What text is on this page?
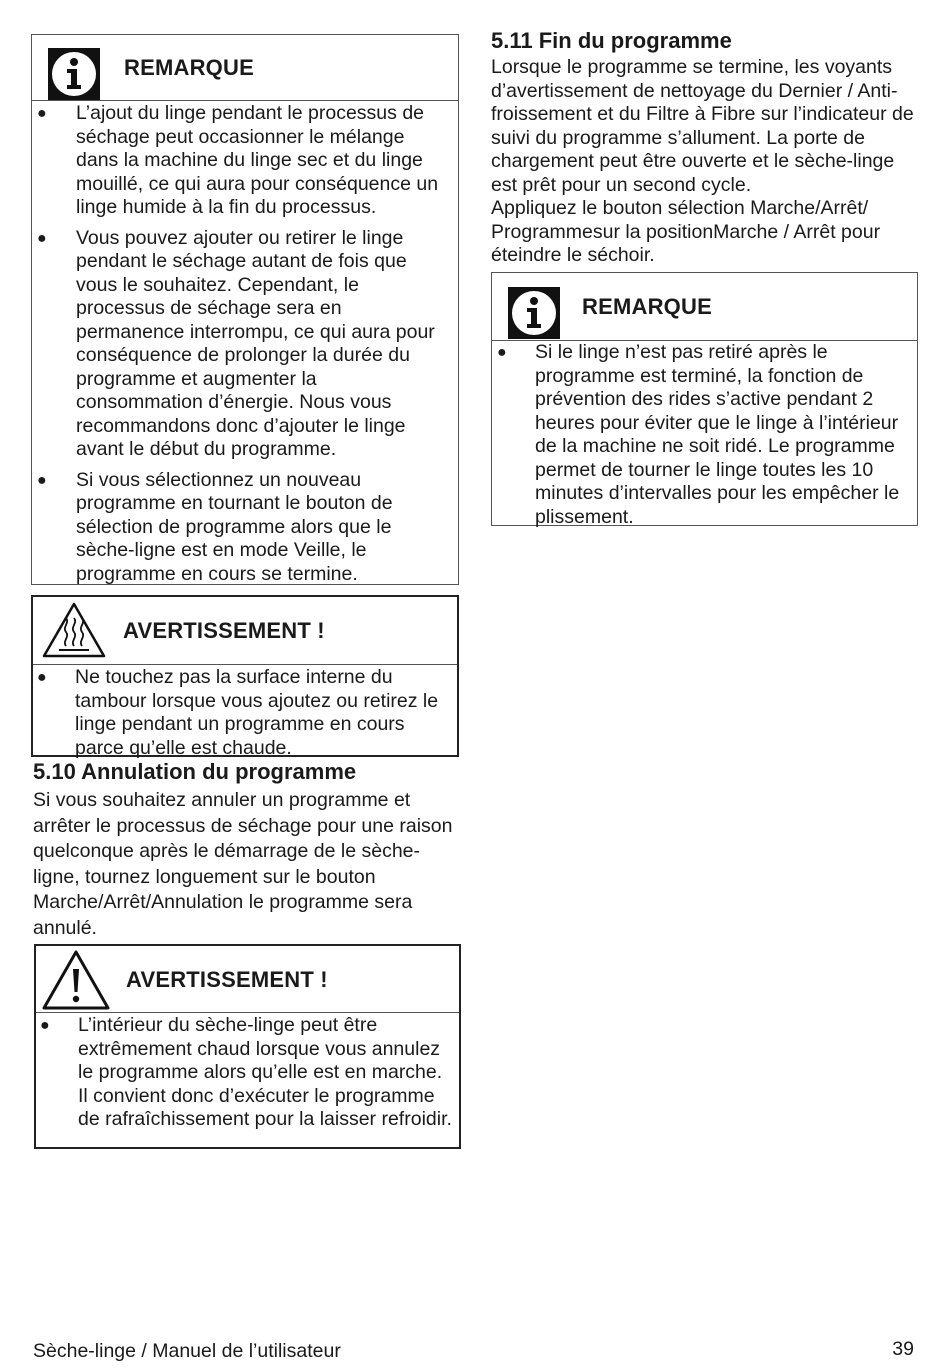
REMARQUE
● L’ajout du linge pendant le processus de séchage peut occasionner le mélange dans la machine du linge sec et du linge mouillé, ce qui aura pour conséquence un linge humide à la fin du processus.
● Vous pouvez ajouter ou retirer le linge pendant le séchage autant de fois que vous le souhaitez. Cependant, le processus de séchage sera en permanence interrompu, ce qui aura pour conséquence de prolonger la durée du programme et augmenter la consommation d’énergie. Nous vous recommandons donc d’ajouter le linge avant le début du programme.
● Si vous sélectionnez un nouveau programme en tournant le bouton de sélection de programme alors que le sèche-ligne est en mode Veille, le programme en cours se termine.
AVERTISSEMENT !
● Ne touchez pas la surface interne du tambour lorsque vous ajoutez ou retirez le linge pendant un programme en cours parce qu’elle est chaude.
5.10 Annulation du programme

Si vous souhaitez annuler un programme et arrêter le processus de séchage pour une raison quelconque après le démarrage de le sèche-ligne, tournez longuement sur le bouton Marche/Arrêt/Annulation le programme sera annulé.

AVERTISSEMENT !
● L’intérieur du sèche-linge peut être extrêmement chaud lorsque vous annulez le programme alors qu’elle est en marche. Il convient donc d’exécuter le programme de rafraîchissement pour la laisser refroidir.
5.11 Fin du programme

Lorsque le programme se termine, les voyants d’avertissement de nettoyage du Dernier / Anti-froissement et du Filtre à Fibre sur l’indicateur de suivi du programme s’allument. La porte de chargement peut être ouverte et le sèche-linge est prêt pour un second cycle.

Appliquez le bouton sélection Marche/Arrêt/ Programmesur la positionMarche / Arrêt pour éteindre le séchoir.

REMARQUE
● Si le linge n’est pas retiré après le programme est terminé, la fonction de prévention des rides s’active pendant 2 heures pour éviter que le linge à l’intérieur de la machine ne soit ridé. Le programme permet de tourner le linge toutes les 10 minutes d’intervalles pour les empêcher le plissement.
Sèche-linge / Manuel de l’utilisateur	39
